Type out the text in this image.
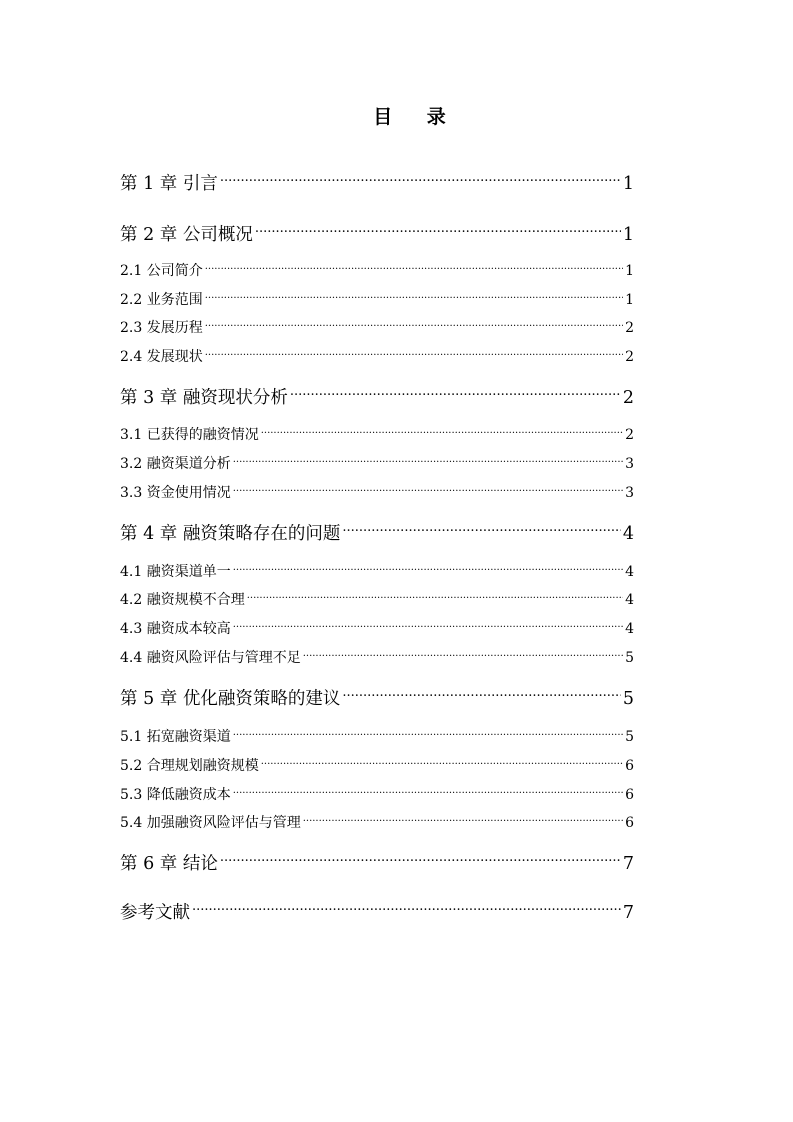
目 录
第 1 章 引言 .....	1
第 2 章 公司概况 .....	1
2.1 公司简介 .....	1
2.2 业务范围 .....	1
2.3 发展历程 .....	2
2.4 发展现状 .....	2
第 3 章 融资现状分析 .....	2
3.1 已获得的融资情况 .....	2
3.2 融资渠道分析 .....	3
3.3 资金使用情况 .....	3
第 4 章 融资策略存在的问题 .....	4
4.1 融资渠道单一 .....	4
4.2 融资规模不合理 .....	4
4.3 融资成本较高 .....	4
4.4 融资风险评估与管理不足 .....	5
第 5 章 优化融资策略的建议 .....	5
5.1 拓宽融资渠道 .....	5
5.2 合理规划融资规模 .....	6
5.3 降低融资成本 .....	6
5.4 加强融资风险评估与管理 .....	6
第 6 章 结论 .....	7
参考文献 .....	7
